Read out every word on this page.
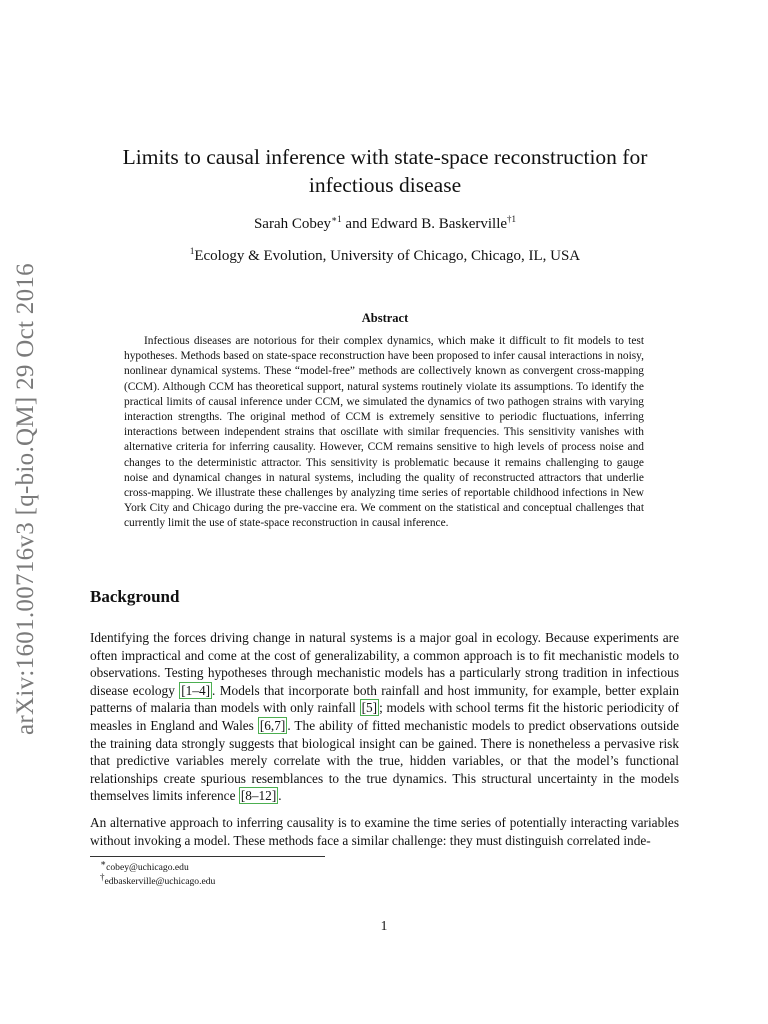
arXiv:1601.00716v3 [q-bio.QM] 29 Oct 2016
Limits to causal inference with state-space reconstruction for infectious disease
Sarah Cobey$^{∗1}$ and Edward B. Baskerville$^{\dagger 1}$
$^1$Ecology & Evolution, University of Chicago, Chicago, IL, USA
Abstract
Infectious diseases are notorious for their complex dynamics, which make it difficult to fit models to test hypotheses. Methods based on state-space reconstruction have been proposed to infer causal interactions in noisy, nonlinear dynamical systems. These “model-free” methods are collectively known as convergent cross-mapping (CCM). Although CCM has theoretical support, natural systems routinely violate its assumptions. To identify the practical limits of causal inference under CCM, we simulated the dynamics of two pathogen strains with varying interaction strengths. The original method of CCM is extremely sensitive to periodic fluctuations, inferring interactions between independent strains that oscillate with similar frequencies. This sensitivity vanishes with alternative criteria for inferring causality. However, CCM remains sensitive to high levels of process noise and changes to the deterministic attractor. This sensitivity is problematic because it remains challenging to gauge noise and dynamical changes in natural systems, including the quality of reconstructed attractors that underlie cross-mapping. We illustrate these challenges by analyzing time series of reportable childhood infections in New York City and Chicago during the pre-vaccine era. We comment on the statistical and conceptual challenges that currently limit the use of state-space reconstruction in causal inference.
Background
Identifying the forces driving change in natural systems is a major goal in ecology. Because experiments are often impractical and come at the cost of generalizability, a common approach is to fit mechanistic models to observations. Testing hypotheses through mechanistic models has a particularly strong tradition in infectious disease ecology [1–4] . Models that incorporate both rainfall and host immunity, for example, better explain patterns of malaria than models with only rainfall [5] ; models with school terms fit the historic periodicity of measles in England and Wales [6,7] . The ability of fitted mechanistic models to predict observations outside the training data strongly suggests that biological insight can be gained. There is nonetheless a pervasive risk that predictive variables merely correlate with the true, hidden variables, or that the model’s functional relationships create spurious resemblances to the true dynamics. This structural uncertainty in the models themselves limits inference [8–12] .
An alternative approach to inferring causality is to examine the time series of potentially interacting variables without invoking a model. These methods face a similar challenge: they must distinguish correlated inde-
∗cobey@uchicago.edu
†edbaskerville@uchicago.edu
1
